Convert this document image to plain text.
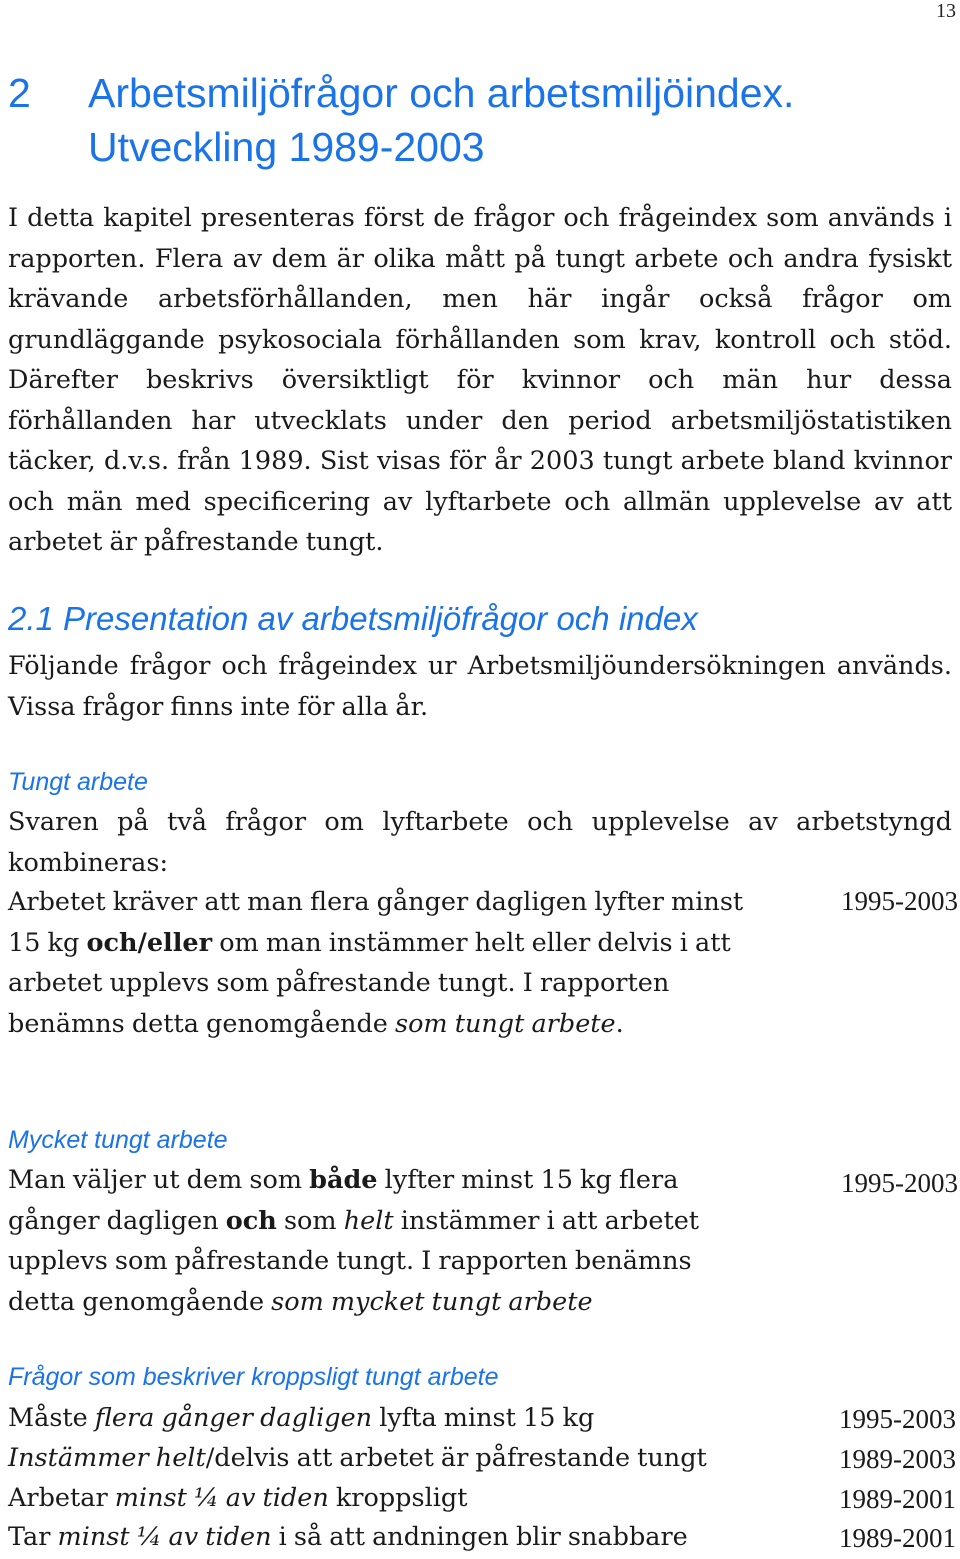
13
2 Arbetsmiljöfrågor och arbetsmiljöindex.
Utveckling 1989-2003

I detta kapitel presenteras först de frågor och frågeindex som används i rapporten. Flera av dem är olika mått på tungt arbete och andra fysiskt krävande arbetsförhållanden, men här ingår också frågor om grundläggande psykosociala förhållanden som krav, kontroll och stöd. Därefter beskrivs översiktligt för kvinnor och män hur dessa förhållanden har utvecklats under den period arbetsmiljöstatistiken täcker, d.v.s. från 1989. Sist visas för år 2003 tungt arbete bland kvinnor och män med specificering av lyftarbete och allmän upplevelse av att arbetet är påfrestande tungt.

2.1 Presentation av arbetsmiljöfrågor och index

Följande frågor och frågeindex ur Arbetsmiljöundersökningen används. Vissa frågor finns inte för alla år.

Tungt arbete

Svaren på två frågor om lyftarbete och upplevelse av arbetstyngd kombineras:

Arbetet kräver att man flera gånger dagligen lyfter minst 15 kg och/eller om man instämmer helt eller delvis i att arbetet upplevs som påfrestande tungt. I rapporten benämns detta genomgående som tungt arbete.

1995-2003
Mycket tungt arbete

Man väljer ut dem som både lyfter minst 15 kg flera gånger dagligen och som helt instämmer i att arbetet upplevs som påfrestande tungt. I rapporten benämns detta genomgående som mycket tungt arbete

1995-2003
Frågor som beskriver kroppsligt tungt arbete
Måste flera gånger dagligen lyfta minst 15 kg	1995-2003
Instämmer helt/delvis att arbetet är påfrestande tungt	1989-2003
Arbetar minst ¼ av tiden kroppsligt	1989-2001
Tar minst ¼ av tiden i så att andningen blir snabbare	1989-2001
